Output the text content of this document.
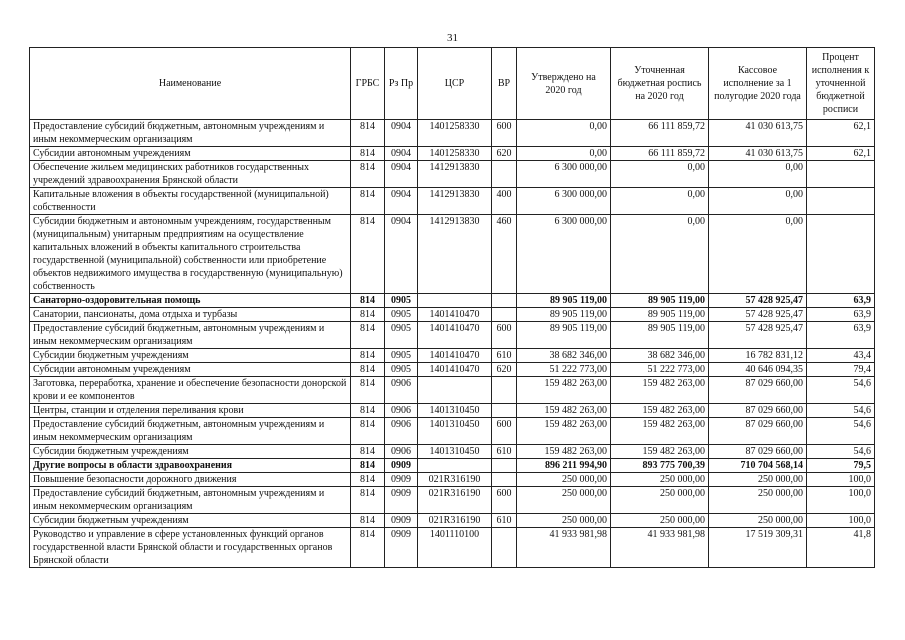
31
Наименование	ГРБС	Рз Пр	ЦСР	ВР	Утверждено на 2020 год	Уточненная бюджетная роспись на 2020 год	Кассовое исполнение за 1 полугодие 2020 года	Процент исполнения к уточненной бюджетной росписи
Предоставление субсидий бюджетным, автономным учреждениям и иным некоммерческим организациям	814	0904	1401258330	600	0,00	66 111 859,72	41 030 613,75	62,1
Субсидии автономным учреждениям	814	0904	1401258330	620	0,00	66 111 859,72	41 030 613,75	62,1
Обеспечение жильем медицинских работников государственных учреждений здравоохранения Брянской области	814	0904	1412913830		6 300 000,00	0,00	0,00	
Капитальные вложения в объекты государственной (муниципальной) собственности	814	0904	1412913830	400	6 300 000,00	0,00	0,00	
Субсидии бюджетным и автономным учреждениям, государственным (муниципальным) унитарным предприятиям на осуществление капитальных вложений в объекты капитального строительства государственной (муниципальной) собственности или приобретение объектов недвижимого имущества в государственную (муниципальную) собственность	814	0904	1412913830	460	6 300 000,00	0,00	0,00	
Санаторно-оздоровительная помощь	814	0905			89 905 119,00	89 905 119,00	57 428 925,47	63,9
Санатории, пансионаты, дома отдыха и турбазы	814	0905	1401410470		89 905 119,00	89 905 119,00	57 428 925,47	63,9
Предоставление субсидий бюджетным, автономным учреждениям и иным некоммерческим организациям	814	0905	1401410470	600	89 905 119,00	89 905 119,00	57 428 925,47	63,9
Субсидии бюджетным учреждениям	814	0905	1401410470	610	38 682 346,00	38 682 346,00	16 782 831,12	43,4
Субсидии автономным учреждениям	814	0905	1401410470	620	51 222 773,00	51 222 773,00	40 646 094,35	79,4
Заготовка, переработка, хранение и обеспечение безопасности донорской крови и ее компонентов	814	0906			159 482 263,00	159 482 263,00	87 029 660,00	54,6
Центры, станции и отделения переливания крови	814	0906	1401310450		159 482 263,00	159 482 263,00	87 029 660,00	54,6
Предоставление субсидий бюджетным, автономным учреждениям и иным некоммерческим организациям	814	0906	1401310450	600	159 482 263,00	159 482 263,00	87 029 660,00	54,6
Субсидии бюджетным учреждениям	814	0906	1401310450	610	159 482 263,00	159 482 263,00	87 029 660,00	54,6
Другие вопросы в области здравоохранения	814	0909			896 211 994,90	893 775 700,39	710 704 568,14	79,5
Повышение безопасности дорожного движения	814	0909	021R316190		250 000,00	250 000,00	250 000,00	100,0
Предоставление субсидий бюджетным, автономным учреждениям и иным некоммерческим организациям	814	0909	021R316190	600	250 000,00	250 000,00	250 000,00	100,0
Субсидии бюджетным учреждениям	814	0909	021R316190	610	250 000,00	250 000,00	250 000,00	100,0
Руководство и управление в сфере установленных функций органов государственной власти Брянской области и государственных органов Брянской области	814	0909	1401110100		41 933 981,98	41 933 981,98	17 519 309,31	41,8
